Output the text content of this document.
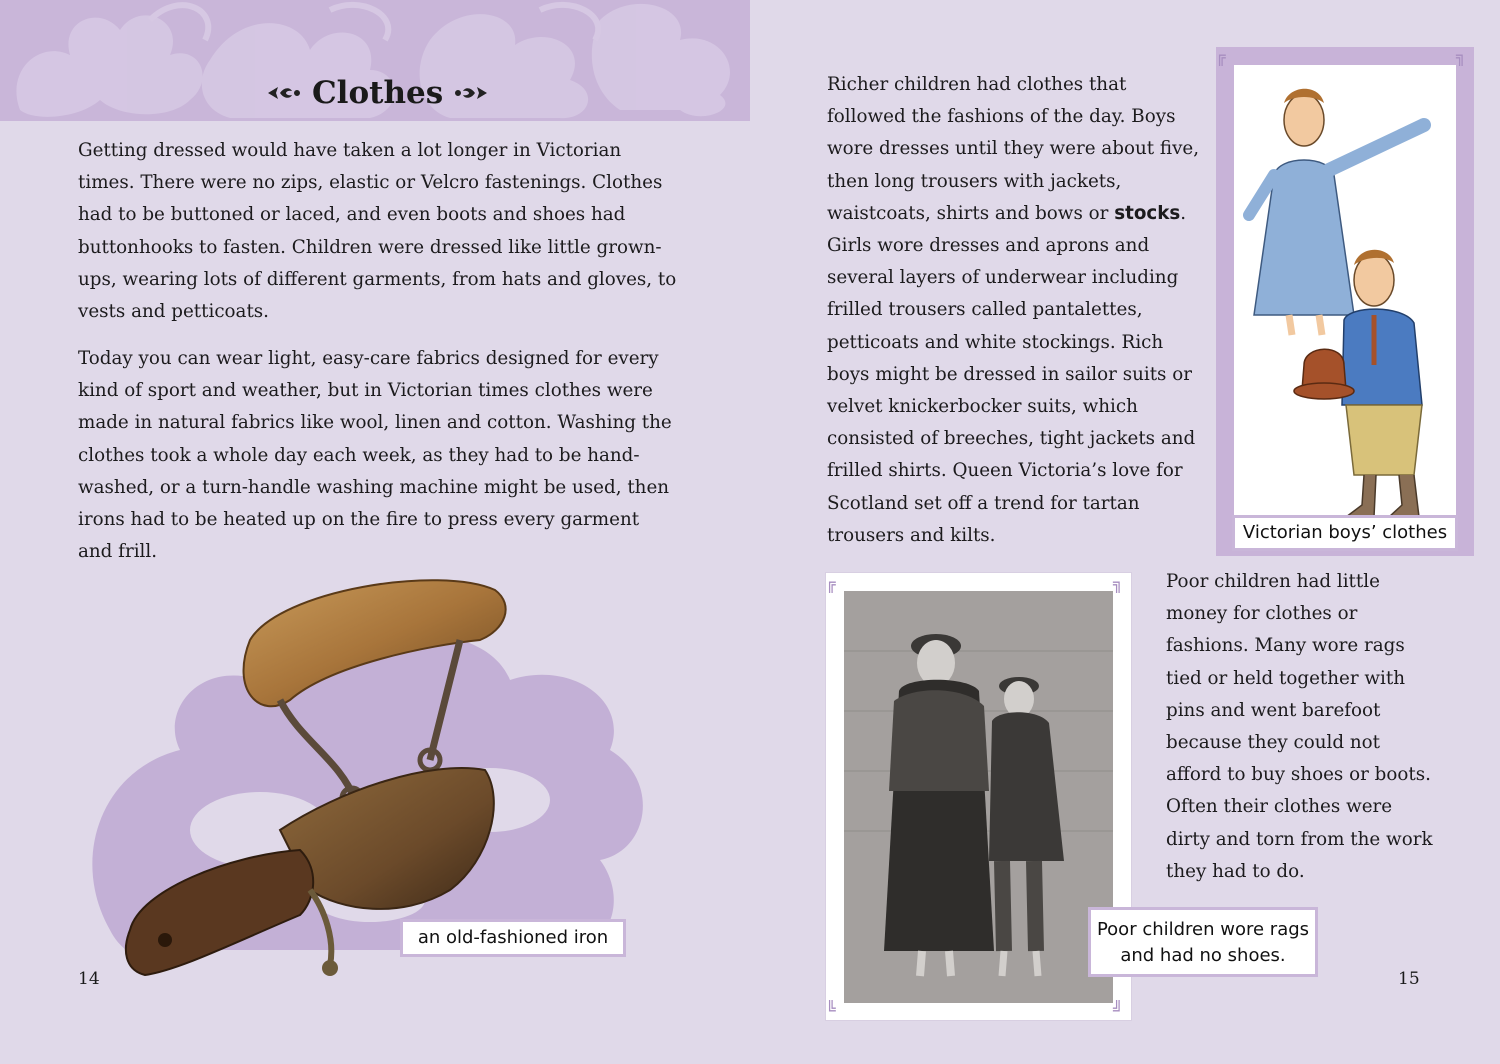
Clothes

Getting dressed would have taken a lot longer in Victorian times. There were no zips, elastic or Velcro fastenings. Clothes had to be buttoned or laced, and even boots and shoes had buttonhooks to fasten. Children were dressed like little grown-ups, wearing lots of different garments, from hats and gloves, to vests and petticoats.

Today you can wear light, easy-care fabrics designed for every kind of sport and weather, but in Victorian times clothes were made in natural fabrics like wool, linen and cotton. Washing the clothes took a whole day each week, as they had to be hand-washed, or a turn-handle washing machine might be used, then irons had to be heated up on the fire to press every garment and frill.

an old-fashioned iron

Richer children had clothes that followed the fashions of the day. Boys wore dresses until they were about five, then long trousers with jackets, waistcoats, shirts and bows or stocks. Girls wore dresses and aprons and several layers of underwear including frilled trousers called pantalettes, petticoats and white stockings. Rich boys might be dressed in sailor suits or velvet knickerbocker suits, which consisted of breeches, tight jackets and frilled shirts. Queen Victoria’s love for Scotland set off a trend for tartan trousers and kilts.	Victorian boys’ clothes
╔	╗
╚	╝
╔	╗

Poor children had little money for clothes or fashions. Many wore rags tied or held together with pins and went barefoot because they could not afford to buy shoes or boots. Often their clothes were dirty and torn from the work they had to do.

Poor children wore rags
and had no shoes.
14	15
